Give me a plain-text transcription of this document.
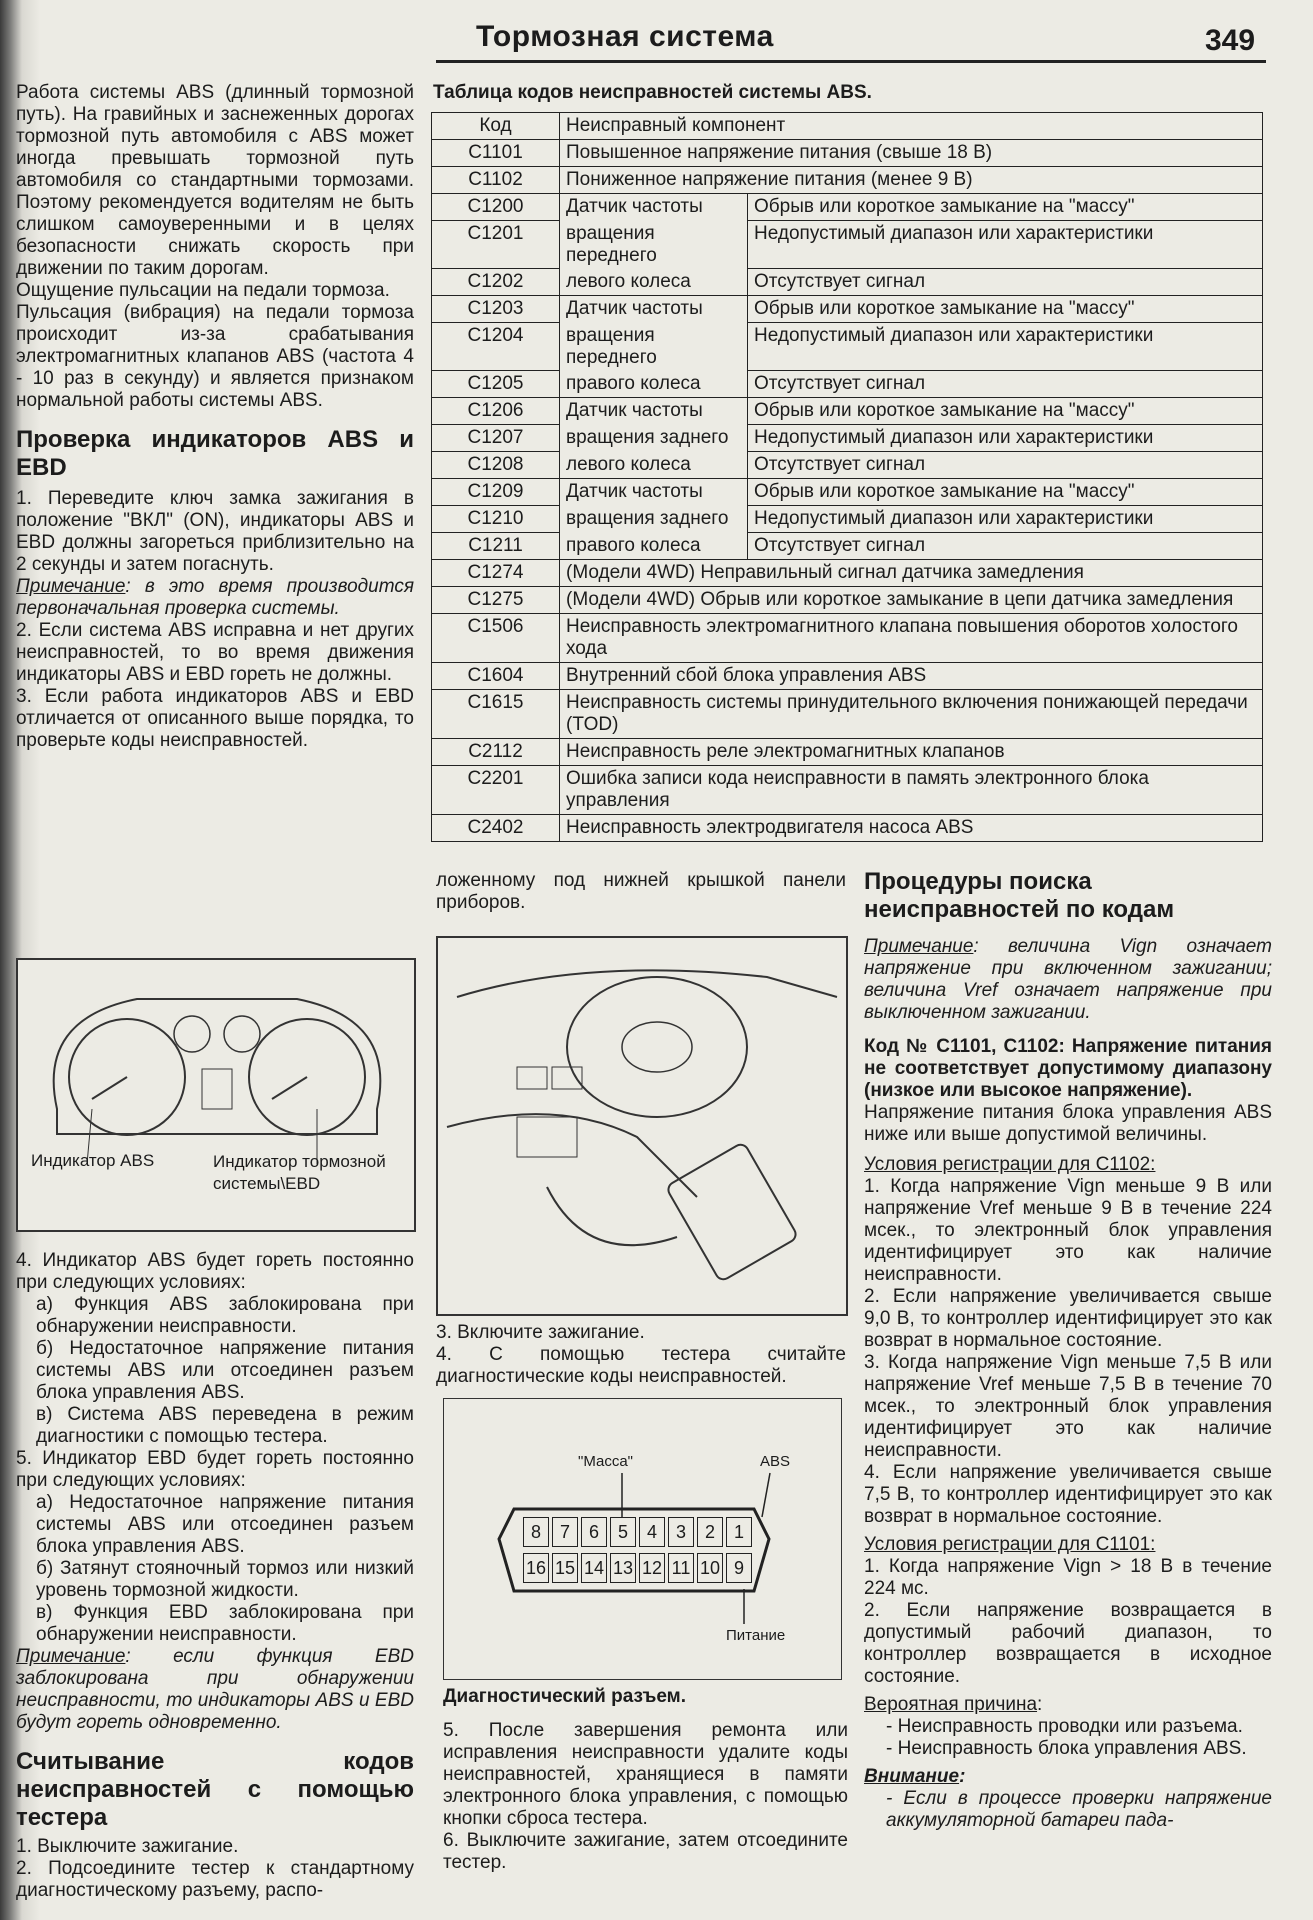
Тормозная система	349

Работа системы ABS (длинный тормозной путь). На гравийных и заснеженных дорогах тормозной путь автомобиля с ABS может иногда превышать тормозной путь автомобиля со стандартными тормозами. Поэтому рекомендуется водителям не быть слишком самоуверенными и в целях безопасности снижать скорость при движении по таким дорогам.

Ощущение пульсации на педали тормоза.

Пульсация (вибрация) на педали тормоза происходит из-за срабатывания электромагнитных клапанов ABS (частота 4 - 10 раз в секунду) и является признаком нормальной работы системы ABS.

Проверка индикаторов ABS и EBD

1. Переведите ключ замка зажигания в положение "ВКЛ" (ON), индикаторы ABS и EBD должны загореться приблизительно на 2 секунды и затем погаснуть.

Примечание: в это время производится первоначальная проверка системы.

2. Если система ABS исправна и нет других неисправностей, то во время движения индикаторы ABS и EBD гореть не должны.

3. Если работа индикаторов ABS и EBD отличается от описанного выше порядка, то проверьте коды неисправностей.

Индикатор ABS	Индикатор тормозной системы\EBD

4. Индикатор ABS будет гореть постоянно при следующих условиях:

а) Функция ABS заблокирована при обнаружении неисправности.

б) Недостаточное напряжение питания системы ABS или отсоединен разъем блока управления ABS.

в) Система ABS переведена в режим диагностики с помощью тестера.

5. Индикатор EBD будет гореть постоянно при следующих условиях:

а) Недостаточное напряжение питания системы ABS или отсоединен разъем блока управления ABS.

б) Затянут стояночный тормоз или низкий уровень тормозной жидкости.

в) Функция EBD заблокирована при обнаружении неисправности.

Примечание: если функция EBD заблокирована при обнаружении неисправности, то индикаторы ABS и EBD будут гореть одновременно.

Считывание кодов неисправностей с помощью тестера

1. Выключите зажигание.

2. Подсоедините тестер к стандартному диагностическому разъему, распо-

Таблица кодов неисправностей системы ABS.
Код	Неисправный компонент	
C1101	Повышенное напряжение питания (свыше 18 В)	
C1102	Пониженное напряжение питания (менее 9 В)	
C1200	Датчик частоты	Обрыв или короткое замыкание на "массу"
C1201	вращения переднего	Недопустимый диапазон или характеристики
C1202	левого колеса	Отсутствует сигнал
C1203	Датчик частоты	Обрыв или короткое замыкание на "массу"
C1204	вращения переднего	Недопустимый диапазон или характеристики
C1205	правого колеса	Отсутствует сигнал
C1206	Датчик частоты	Обрыв или короткое замыкание на "массу"
C1207	вращения заднего	Недопустимый диапазон или характеристики
C1208	левого колеса	Отсутствует сигнал
C1209	Датчик частоты	Обрыв или короткое замыкание на "массу"
C1210	вращения заднего	Недопустимый диапазон или характеристики
C1211	правого колеса	Отсутствует сигнал
C1274	(Модели 4WD) Неправильный сигнал датчика замедления	
C1275	(Модели 4WD) Обрыв или короткое замыкание в цепи датчика замедления	
C1506	Неисправность электромагнитного клапана повышения оборотов холостого хода	
C1604	Внутренний сбой блока управления ABS	
C1615	Неисправность системы принудительного включения понижающей передачи (TOD)	
C2112	Неисправность реле электромагнитных клапанов	
C2201	Ошибка записи кода неисправности в память электронного блока управления	
C2402	Неисправность электродвигателя насоса ABS	

ложенному под нижней крышкой панели приборов.

3. Включите зажигание.

4. С помощью тестера считайте диагностические коды неисправностей.

"Масса"	ABS
8	7	6	5	4	3	2	1
16 15 14 13 12 11 10 9
Питание

Диагностический разъем.

5. После завершения ремонта или исправления неисправности удалите коды неисправностей, хранящиеся в памяти электронного блока управления, с помощью кнопки сброса тестера.

6. Выключите зажигание, затем отсоедините тестер.

Процедуры поиска неисправностей по кодам

Примечание: величина Vign означает напряжение при включенном зажигании; величина Vref означает напряжение при выключенном зажигании.

Код № C1101, C1102: Напряжение питания не соответствует допустимому диапазону (низкое или высокое напряжение).

Напряжение питания блока управления ABS ниже или выше допустимой величины.

Условия регистрации для C1102:

1. Когда напряжение Vign меньше 9 В или напряжение Vref меньше 9 В в течение 224 мсек., то электронный блок управления идентифицирует это как наличие неисправности.

2. Если напряжение увеличивается свыше 9,0 В, то контроллер идентифицирует это как возврат в нормальное состояние.

3. Когда напряжение Vign меньше 7,5 В или напряжение Vref меньше 7,5 В в течение 70 мсек., то электронный блок управления идентифицирует это как наличие неисправности.

4. Если напряжение увеличивается свыше 7,5 В, то контроллер идентифицирует это как возврат в нормальное состояние.

Условия регистрации для C1101:

1. Когда напряжение Vign > 18 В в течение 224 мс.

2. Если напряжение возвращается в допустимый рабочий диапазон, то контроллер возвращается в исходное состояние.

Вероятная причина:

- Неисправность проводки или разъема.

- Неисправность блока управления ABS.

Внимание:

- Если в процессе проверки напряжение аккумуляторной батареи пада-
